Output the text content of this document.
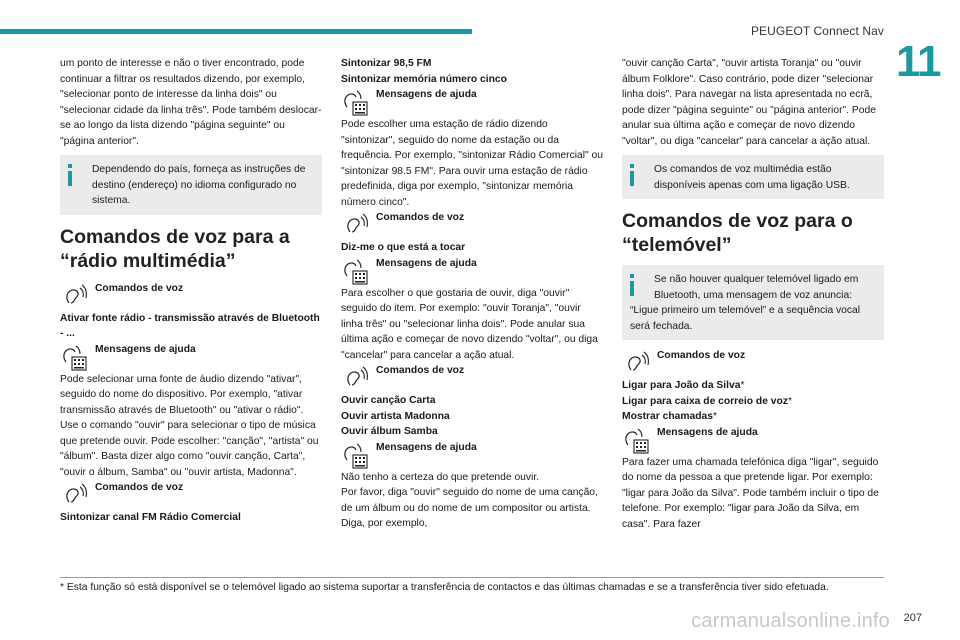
PEUGEOT Connect Nav
11

um ponto de interesse e não o tiver encontrado, pode continuar a filtrar os resultados dizendo, por exemplo, "selecionar ponto de interesse da linha dois" ou "selecionar cidade da linha três". Pode também deslocar-se ao longo da lista dizendo "página seguinte" ou "página anterior".

Dependendo do país, forneça as instruções de destino (endereço) no idioma configurado no sistema.
Comandos de voz para a “rádio multimédia”
Comandos de voz

Ativar fonte rádio - transmissão através de Bluetooth - ...

Mensagens de ajuda

Pode selecionar uma fonte de áudio dizendo "ativar", seguido do nome do dispositivo. Por exemplo, "ativar transmissão através de Bluetooth" ou "ativar o rádio". Use o comando "ouvir" para selecionar o tipo de música que pretende ouvir. Pode escolher: "canção", "artista" ou "álbum". Basta dizer algo como "ouvir canção, Carta", "ouvir o álbum, Samba" ou "ouvir artista, Madonna".

Comandos de voz

Sintonizar canal FM Rádio Comercial

Sintonizar 98,5 FM
Sintonizar memória número cinco

Mensagens de ajuda

Pode escolher uma estação de rádio dizendo "sintonizar", seguido do nome da estação ou da frequência. Por exemplo, "sintonizar Rádio Comercial" ou "sintonizar 98.5 FM". Para ouvir uma estação de rádio predefinida, diga por exemplo, "sintonizar memória número cinco".

Comandos de voz

Diz-me o que está a tocar

Mensagens de ajuda

Para escolher o que gostaria de ouvir, diga "ouvir" seguido do item. Por exemplo: "ouvir Toranja", "ouvir linha três" ou "selecionar linha dois". Pode anular sua última ação e começar de novo dizendo "voltar", ou diga "cancelar" para cancelar a ação atual.

Comandos de voz

Ouvir canção Carta
Ouvir artista Madonna
Ouvir álbum Samba

Mensagens de ajuda

Não tenho a certeza do que pretende ouvir.
Por favor, diga "ouvir" seguido do nome de uma canção, de um álbum ou do nome de um compositor ou artista. Diga, por exemplo,

"ouvir canção Carta", "ouvir artista Toranja" ou "ouvir álbum Folklore". Caso contrário, pode dizer "selecionar linha dois". Para navegar na lista apresentada no ecrã, pode dizer "página seguinte" ou "página anterior". Pode anular sua última ação e começar de novo dizendo "voltar", ou diga "cancelar" para cancelar a ação atual.

Os comandos de voz multimédia estão disponíveis apenas com uma ligação USB.
Comandos de voz para o “telemóvel”
Se não houver qualquer telemóvel ligado em Bluetooth, uma mensagem de voz anuncia:
“Ligue primeiro um telemóvel” e a sequência vocal será fechada.
Comandos de voz

Ligar para João da Silva*

Ligar para caixa de correio de voz*

Mostrar chamadas*

Mensagens de ajuda

Para fazer uma chamada telefónica diga "ligar", seguido do nome da pessoa a que pretende ligar. Por exemplo: "ligar para João da Silva". Pode também incluir o tipo de telefone. Por exemplo: "ligar para João da Silva, em casa". Para fazer

* Esta função só está disponível se o telemóvel ligado ao sistema suportar a transferência de contactos e das últimas chamadas e se a transferência tiver sido efetuada.
carmanualsonline.info 207
